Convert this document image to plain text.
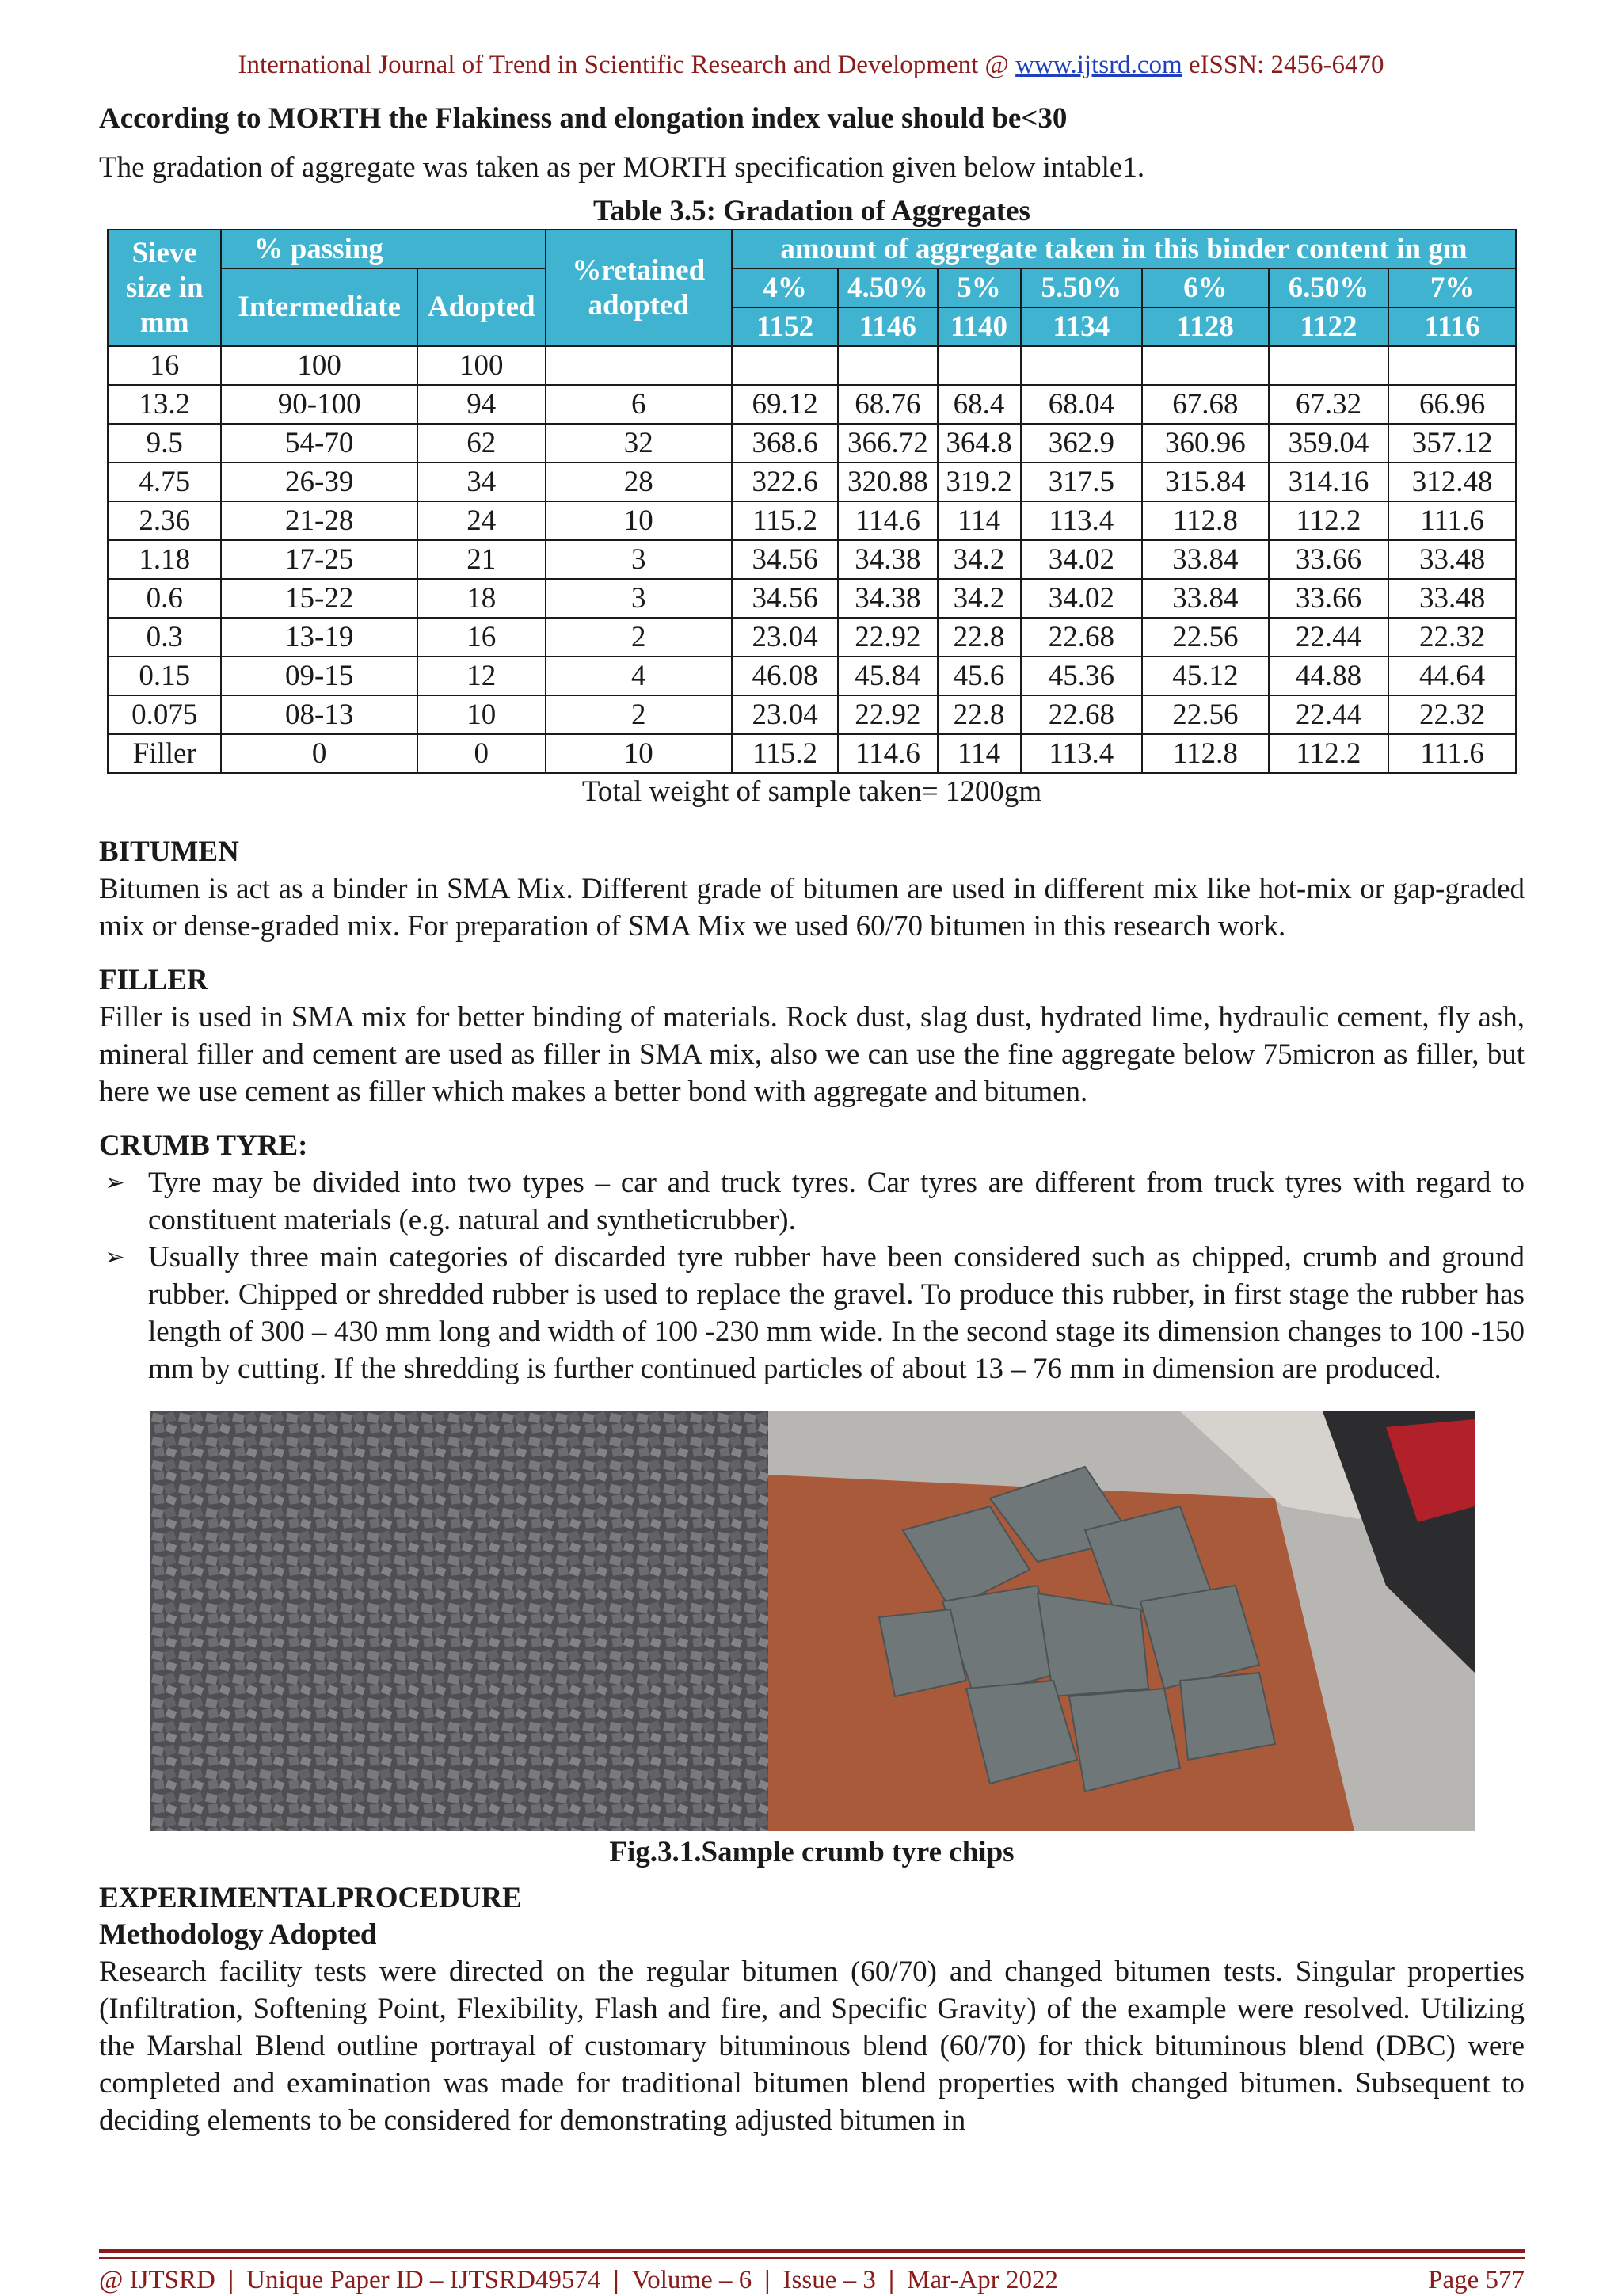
International Journal of Trend in Scientific Research and Development @ www.ijtsrd.com eISSN: 2456-6470

According to MORTH the Flakiness and elongation index value should be<30

The gradation of aggregate was taken as per MORTH specification given below intable1.

Table 3.5: Gradation of Aggregates
Sieve size in mm	% passing		%retained adopted	amount of aggregate taken in this binder content in gm						
	Intermediate	Adopted		4%	4.50%	5%	5.50%	6%	6.50%	7%
				1152	1146	1140	1134	1128	1122	1116
16	100	100								
13.2	90-100	94	6	69.12	68.76	68.4	68.04	67.68	67.32	66.96
9.5	54-70	62	32	368.6	366.72	364.8	362.9	360.96	359.04	357.12
4.75	26-39	34	28	322.6	320.88	319.2	317.5	315.84	314.16	312.48
2.36	21-28	24	10	115.2	114.6	114	113.4	112.8	112.2	111.6
1.18	17-25	21	3	34.56	34.38	34.2	34.02	33.84	33.66	33.48
0.6	15-22	18	3	34.56	34.38	34.2	34.02	33.84	33.66	33.48
0.3	13-19	16	2	23.04	22.92	22.8	22.68	22.56	22.44	22.32
0.15	09-15	12	4	46.08	45.84	45.6	45.36	45.12	44.88	44.64
0.075	08-13	10	2	23.04	22.92	22.8	22.68	22.56	22.44	22.32
Filler	0	0	10	115.2	114.6	114	113.4	112.8	112.2	111.6
Total weight of sample taken= 1200gm
BITUMEN

Bitumen is act as a binder in SMA Mix. Different grade of bitumen are used in different mix like hot-mix or gap-graded mix or dense-graded mix. For preparation of SMA Mix we used 60/70 bitumen in this research work.

FILLER

Filler is used in SMA mix for better binding of materials. Rock dust, slag dust, hydrated lime, hydraulic cement, fly ash, mineral filler and cement are used as filler in SMA mix, also we can use the fine aggregate below 75micron as filler, but here we use cement as filler which makes a better bond with aggregate and bitumen.

CRUMB TYRE:
➢ Tyre may be divided into two types – car and truck tyres. Car tyres are different from truck tyres with regard to constituent materials (e.g. natural and syntheticrubber).
➢ Usually three main categories of discarded tyre rubber have been considered such as chipped, crumb and ground rubber. Chipped or shredded rubber is used to replace the gravel. To produce this rubber, in first stage the rubber has length of 300 – 430 mm long and width of 100 -230 mm wide. In the second stage its dimension changes to 100 -150 mm by cutting. If the shredding is further continued particles of about 13 – 76 mm in dimension are produced.
Fig.3.1.Sample crumb tyre chips
EXPERIMENTALPROCEDURE
Methodology Adopted

Research facility tests were directed on the regular bitumen (60/70) and changed bitumen tests. Singular properties (Infiltration, Softening Point, Flexibility, Flash and fire, and Specific Gravity) of the example were resolved. Utilizing the Marshal Blend outline portrayal of customary bituminous blend (60/70) for thick bituminous blend (DBC) were completed and examination was made for traditional bitumen blend properties with changed bitumen. Subsequent to deciding elements to be considered for demonstrating adjusted bitumen in

@ IJTSRD | Unique Paper ID – IJTSRD49574 | Volume – 6 | Issue – 3 | Mar-Apr 2022	Page 577
